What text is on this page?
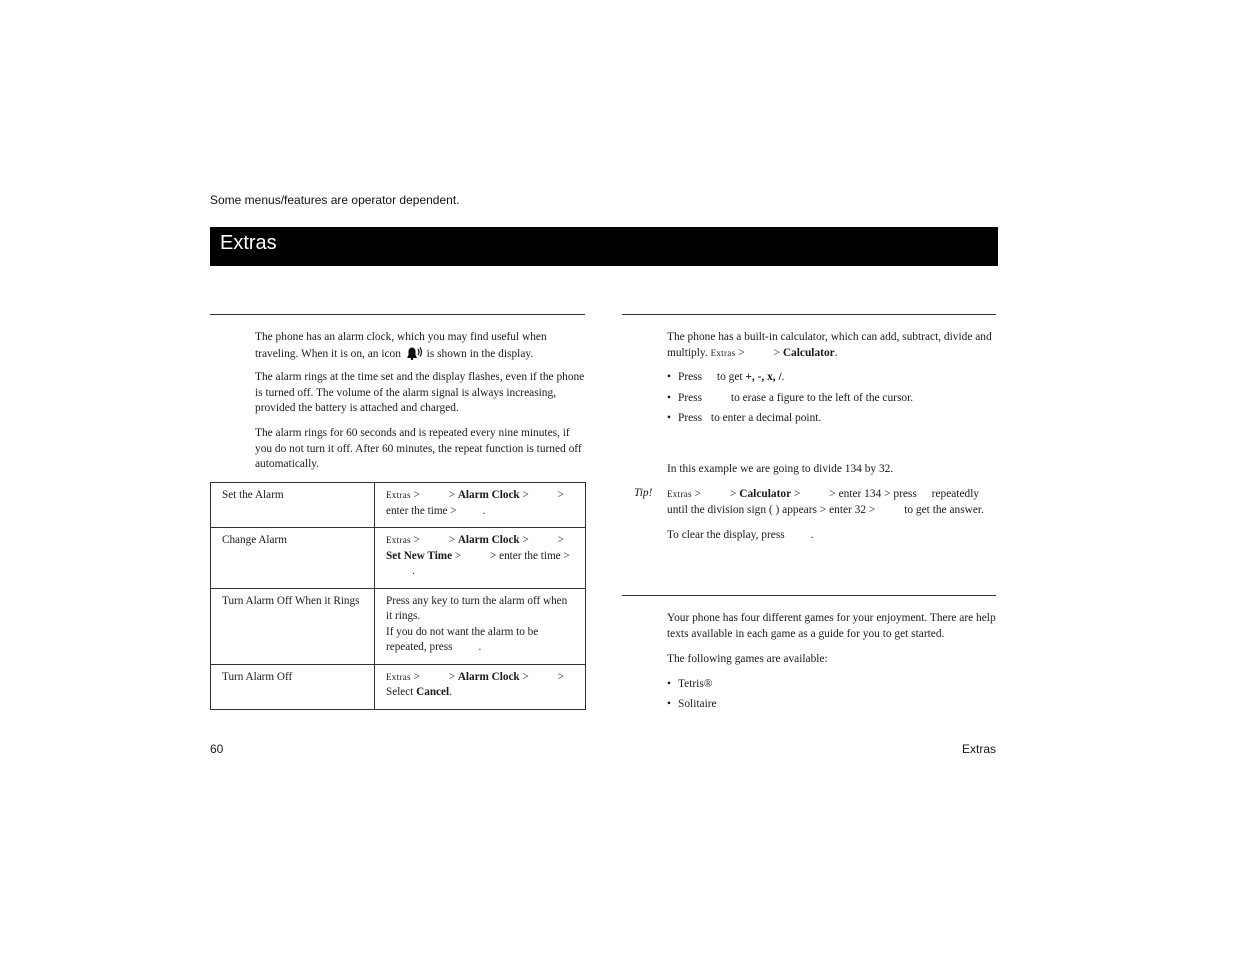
Some menus/features are operator dependent.
Extras

The phone has an alarm clock, which you may find useful when traveling. When it is on, an icon is shown in the display.

The alarm rings at the time set and the display flashes, even if the phone is turned off. The volume of the alarm signal is always increasing, provided the battery is attached and charged.

The alarm rings for 60 seconds and is repeated every nine minutes, if you do not turn it off. After 60 minutes, the repeat function is turned off automatically.

Set the Alarm	Extras > > Alarm Clock > >
enter the time > .
Change Alarm	Extras > > Alarm Clock > >
Set New Time > > enter the time >
.
Turn Alarm Off When it Rings	Press any key to turn the alarm off when it rings.
If you do not want the alarm to be repeated, press .
Turn Alarm Off	Extras > > Alarm Clock > >
Select Cancel.

The phone has a built-in calculator, which can add, subtract, divide and multiply. Extras >	> Calculator.

• Press to get +, -, x, /.
• Press	to erase a figure to the left of the cursor.
• Press to enter a decimal point.

In this example we are going to divide 134 by 32.

Tip! Extras >	> Calculator >	> enter 134 > press repeatedly
until the division sign ( ) appears > enter 32 >	to get the answer.

To clear the display, press .

Your phone has four different games for your enjoyment. There are help texts available in each game as a guide for you to get started.

The following games are available:

• Tetris®
• Solitaire
60	Extras
